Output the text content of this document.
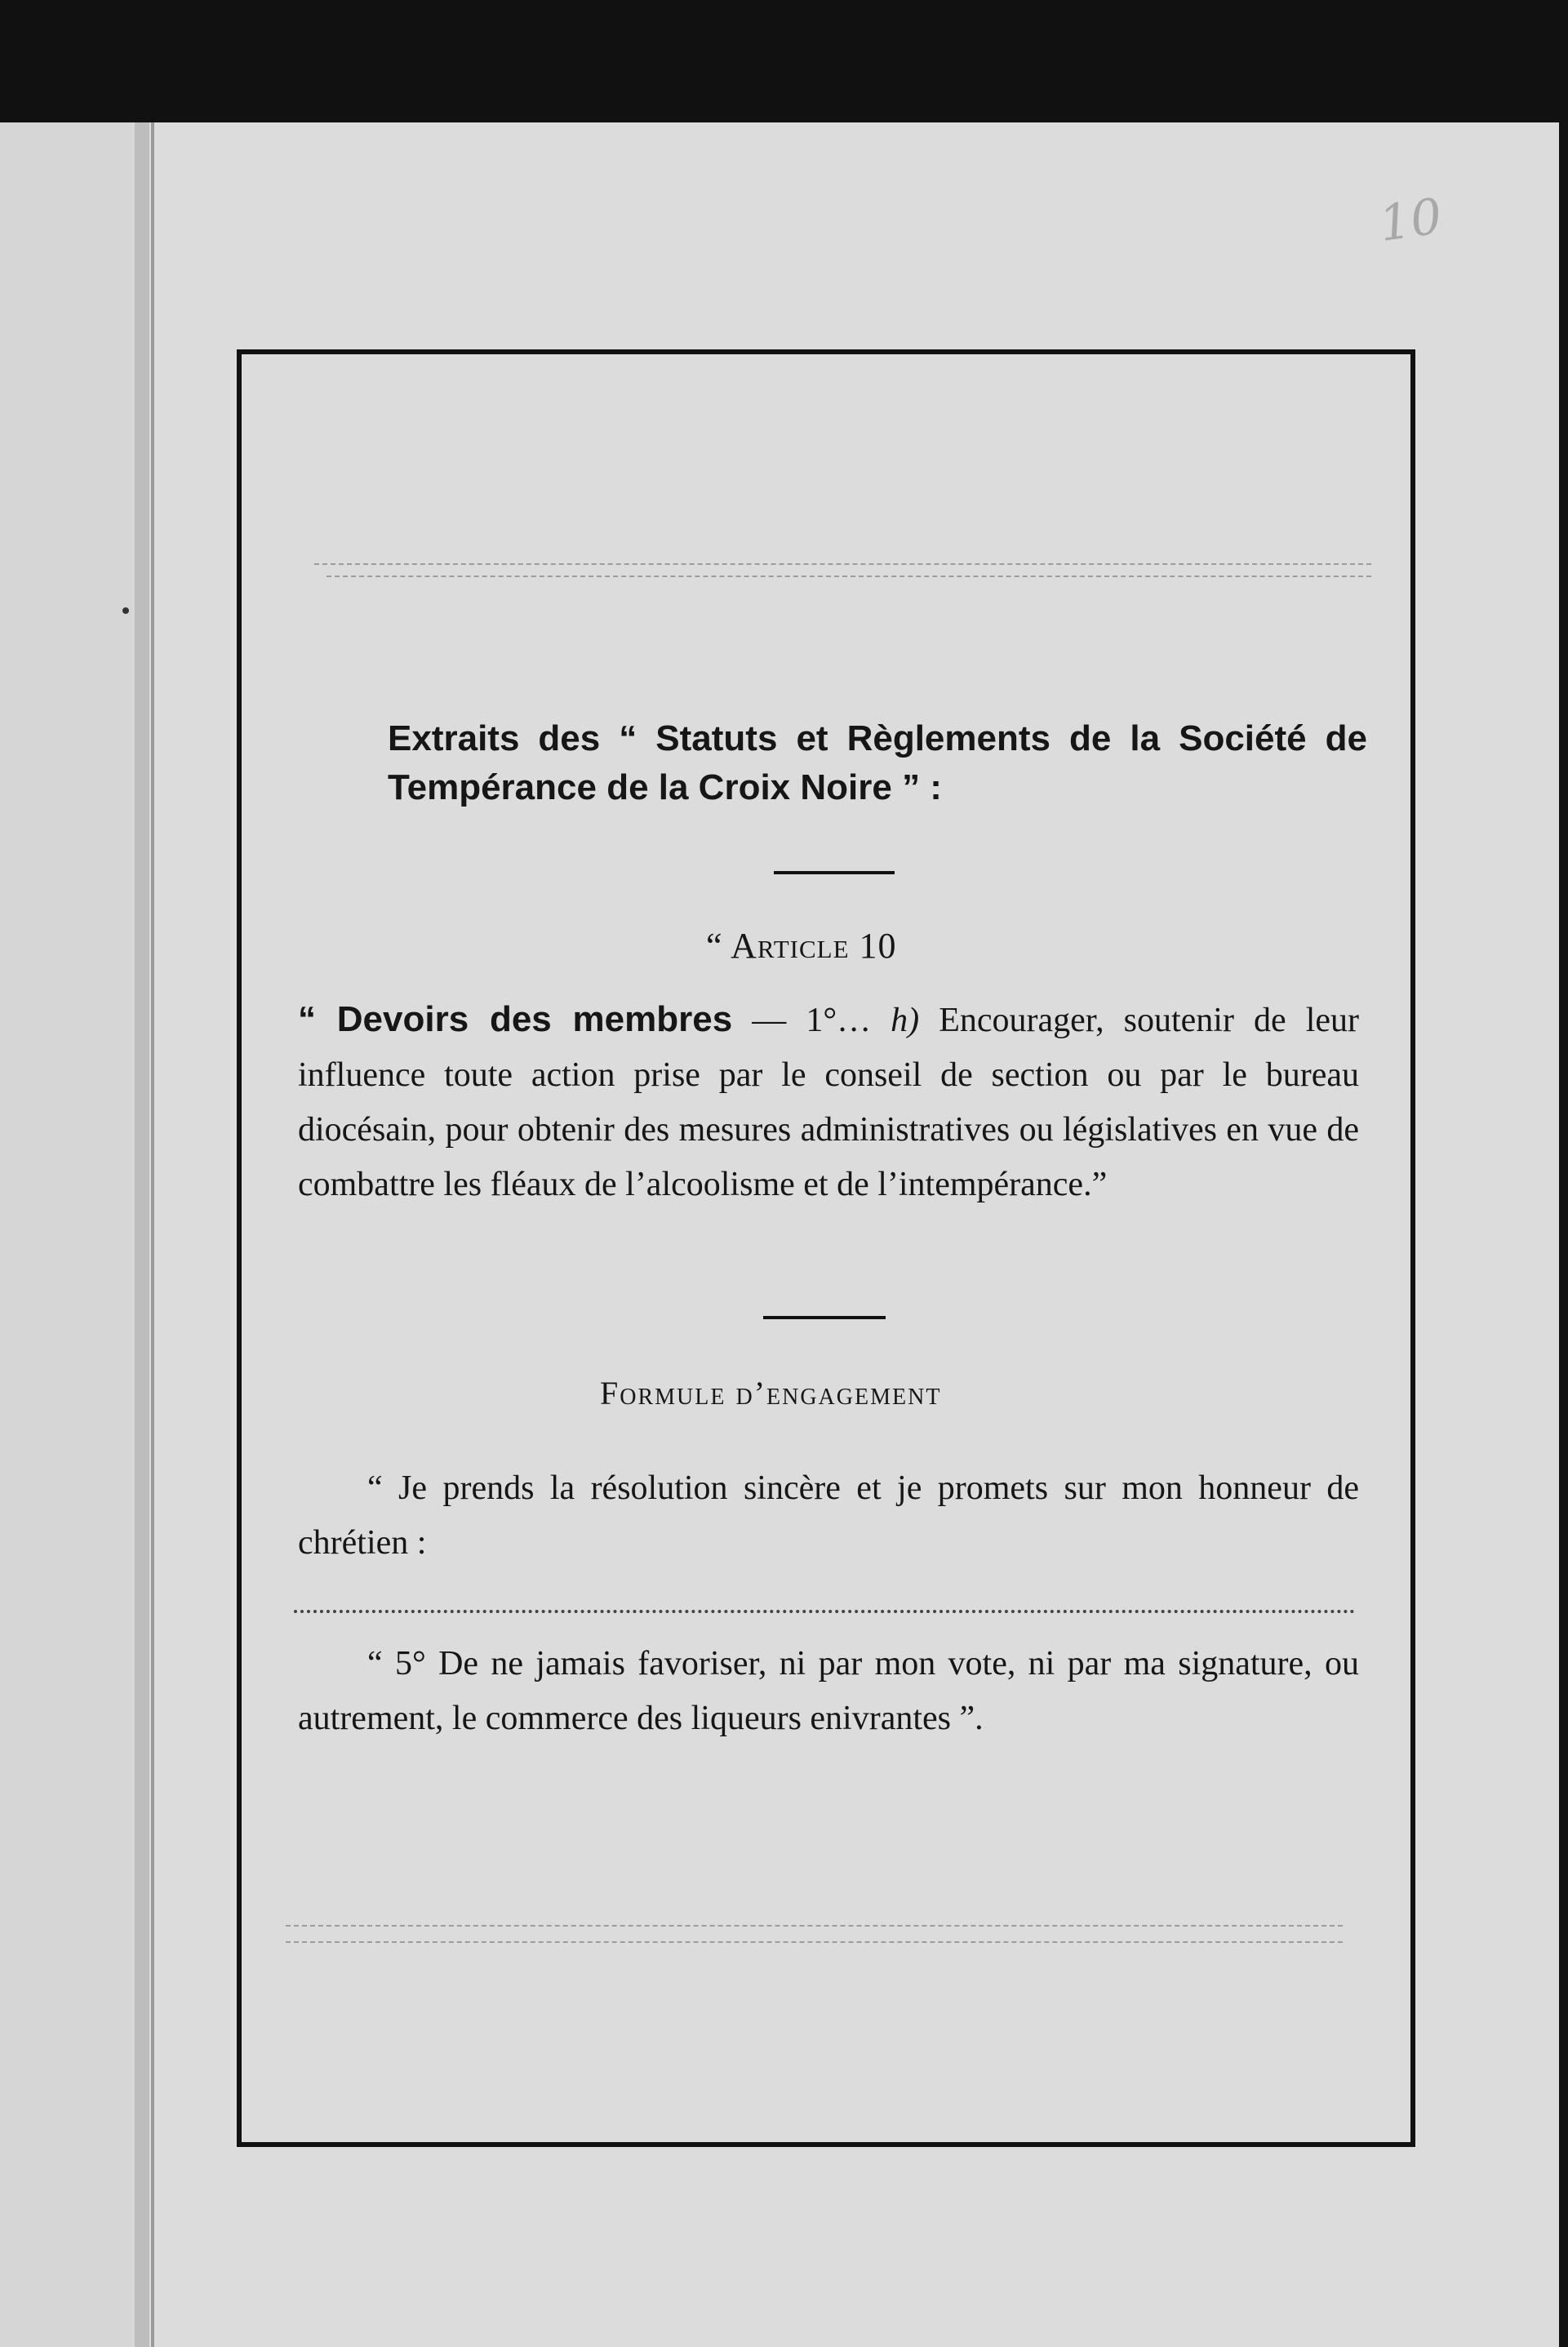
10

Extraits des “ Statuts et Règlements de la Société de Tempérance de la Croix Noire ” :

“ Article 10

“ Devoirs des membres — 1°… h) Encourager, soutenir de leur influence toute action prise par le conseil de section ou par le bureau diocésain, pour obtenir des mesures administratives ou législatives en vue de combattre les fléaux de l’alcoolisme et de l’intempérance.”

Formule d’engagement

“ Je prends la résolution sincère et je promets sur mon honneur de chrétien :

“ 5° De ne jamais favoriser, ni par mon vote, ni par ma signature, ou autrement, le commerce des liqueurs enivrantes ”.
